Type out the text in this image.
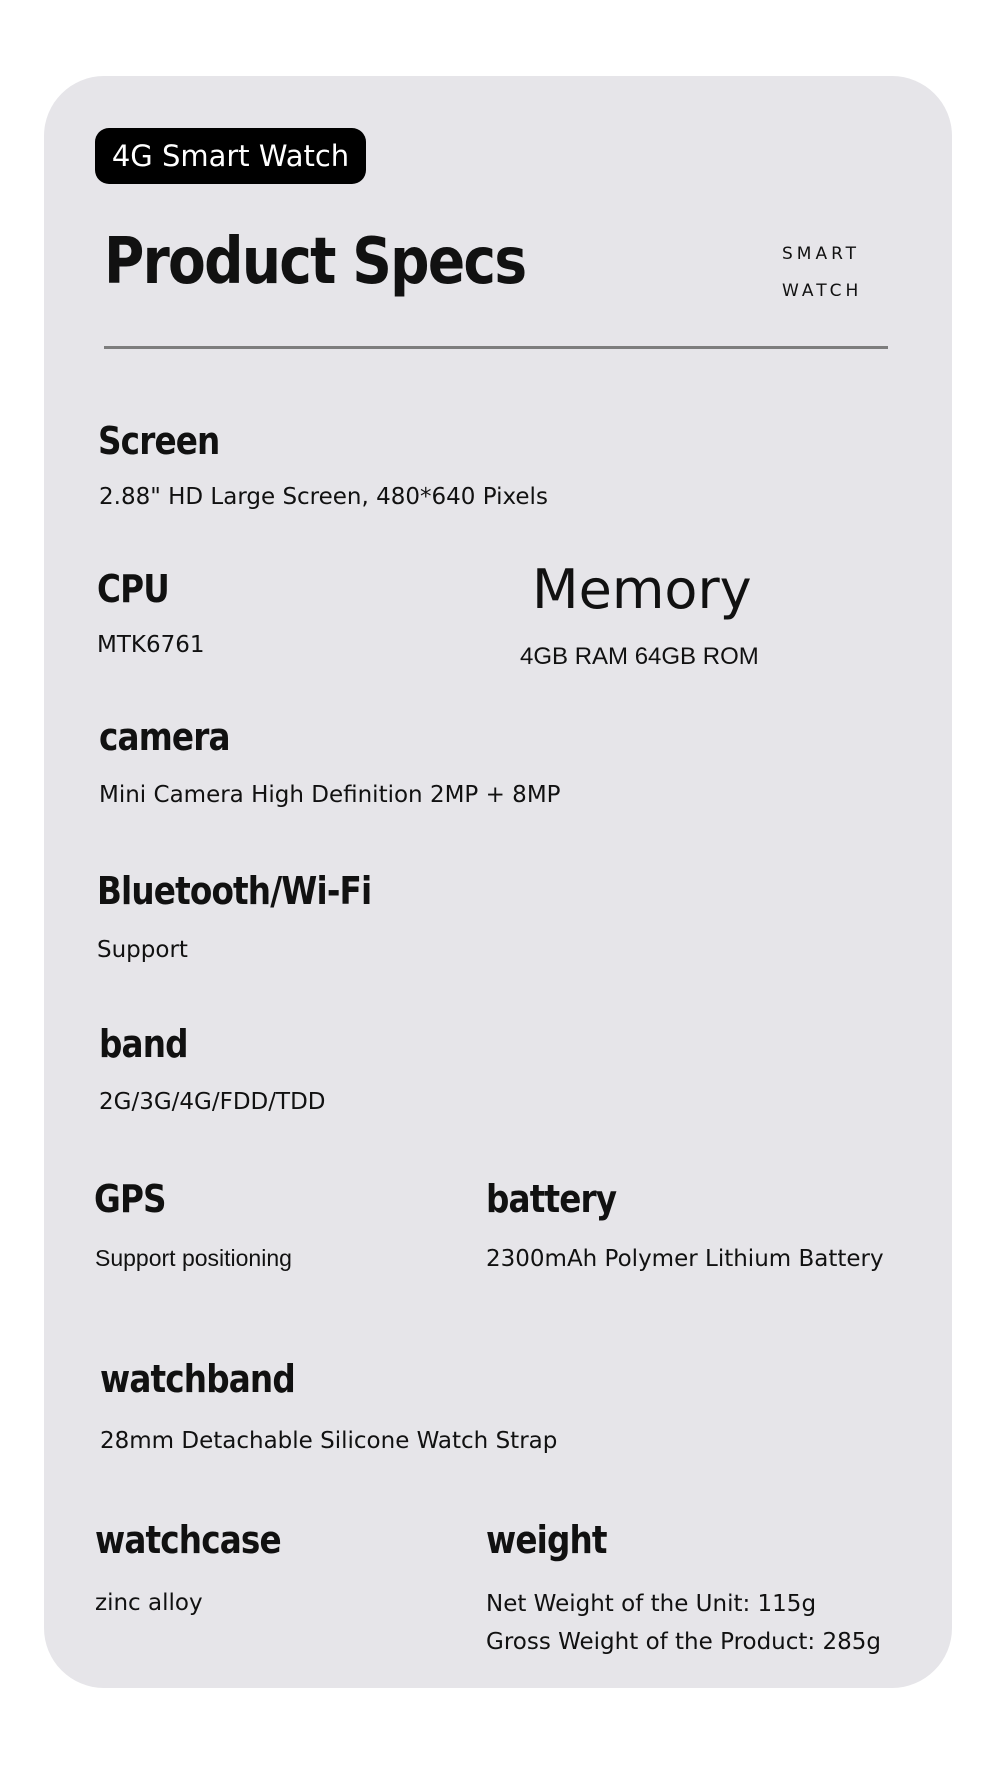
4G Smart Watch
Product Specs	SMART
WATCH
Screen
2.88" HD Large Screen, 480*640 Pixels
CPU
MTK6761
Memory
4GB RAM 64GB ROM
camera
Mini Camera High Definition 2MP + 8MP
Bluetooth/Wi-Fi
Support
band
2G/3G/4G/FDD/TDD
GPS
Support positioning
battery
2300mAh Polymer Lithium Battery
watchband
28mm Detachable Silicone Watch Strap
watchcase
zinc alloy
weight
Net Weight of the Unit: 115g
Gross Weight of the Product: 285g
